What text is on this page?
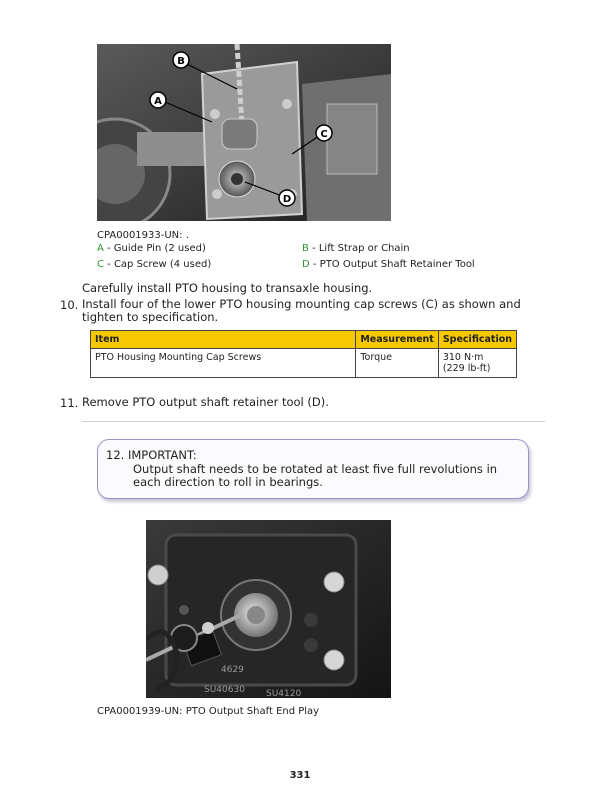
B
A
C
D
CPA0001933-UN: .
A - Guide Pin (2 used)	B - Lift Strap or Chain
C - Cap Screw (4 used)	D - PTO Output Shaft Retainer Tool
Carefully install PTO housing to transaxle housing.
10. Install four of the lower PTO housing mounting cap screws (C) as shown and tighten to specification.
Item	Measurement	Specification
PTO Housing Mounting Cap Screws	Torque	310 N·m
(229 lb-ft)
11. Remove PTO output shaft retainer tool (D).
12. IMPORTANT:
Output shaft needs to be rotated at least five full revolutions in each direction to roll in bearings.
4629
SU40630 SU4120
CPA0001939-UN: PTO Output Shaft End Play
331
